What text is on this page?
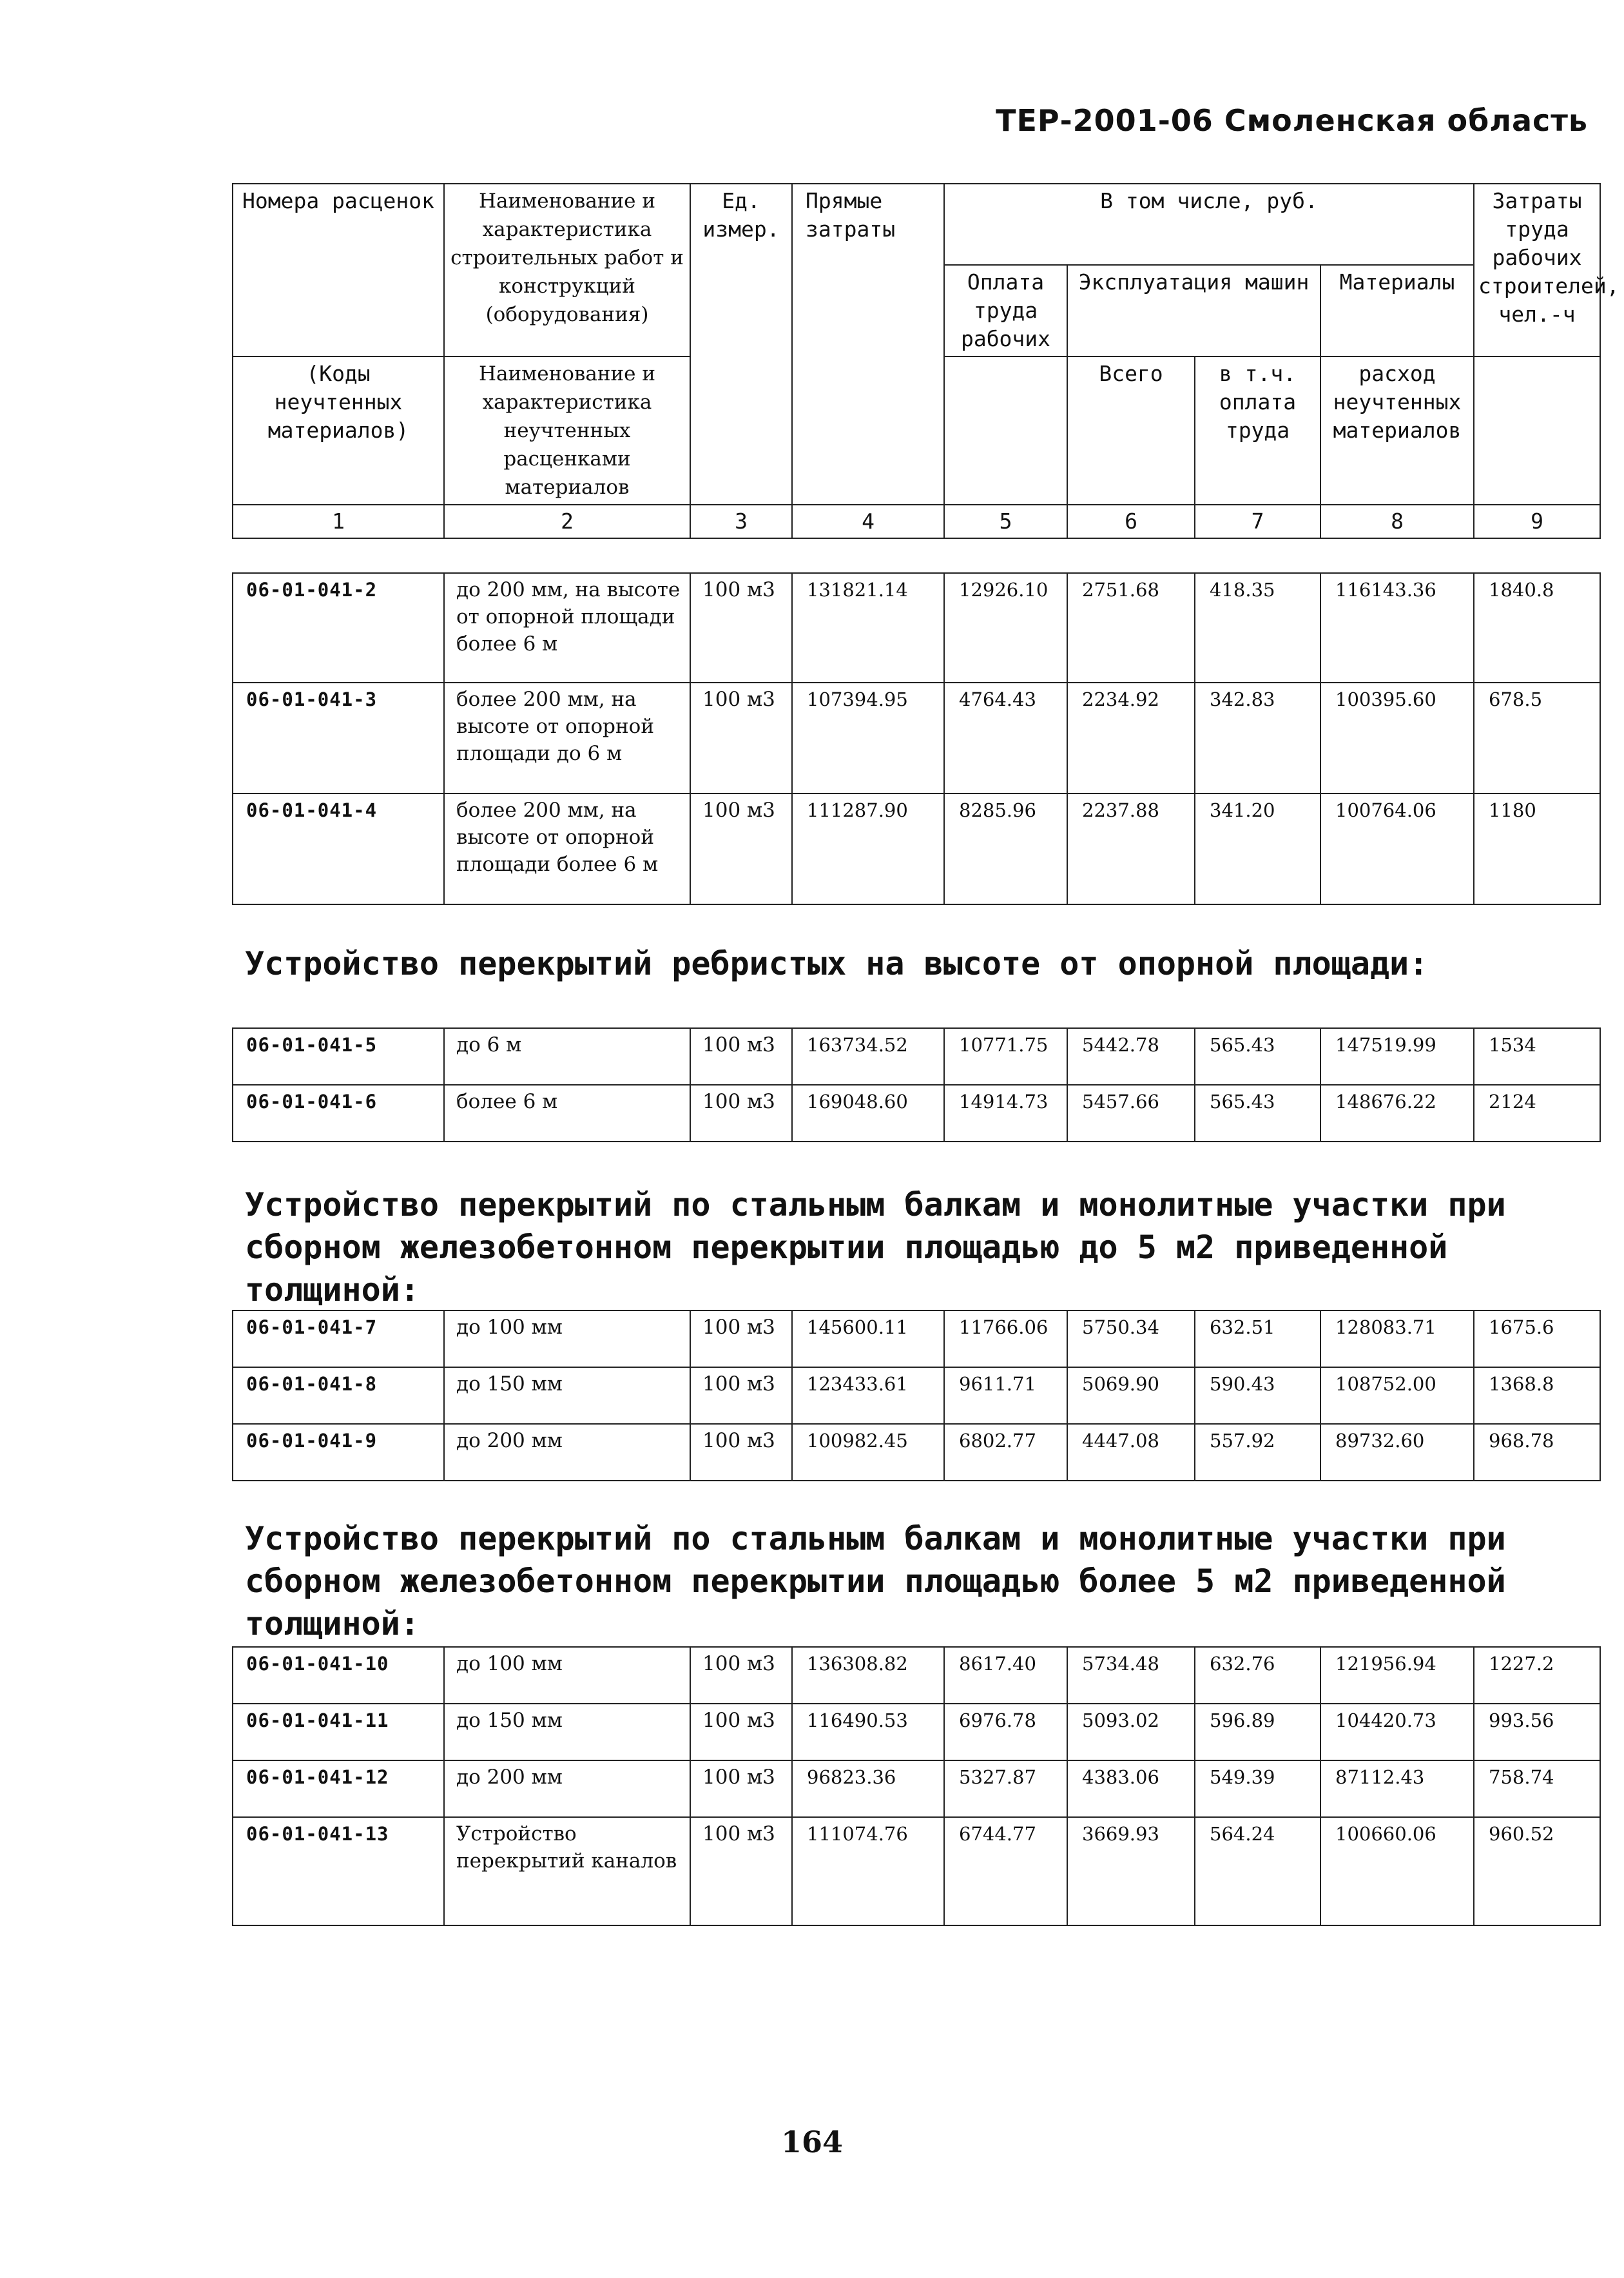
ТЕР-2001-06 Смоленская область
Номера расценок	Наименование и характеристика строительных работ и конструкций (оборудования)	Ед. измер.	Прямые затраты	В том числе, руб.				Затраты труда рабочих строителей, чел.-ч
				Оплата труда рабочих	Эксплуатация машин		Материалы	
(Коды неучтенных материалов)	Наименование и характеристика неучтенных расценками материалов				Всего	в т.ч. оплата труда	расход неучтенных материалов	
1	2	3	4	5	6	7	8	9
06-01-041-2	до 200 мм, на высоте от опорной площади более 6 м	100 м3	131821.14	12926.10	2751.68	418.35	116143.36	1840.8
06-01-041-3	более 200 мм, на высоте от опорной площади до 6 м	100 м3	107394.95	4764.43	2234.92	342.83	100395.60	678.5
06-01-041-4	более 200 мм, на высоте от опорной площади более 6 м	100 м3	111287.90	8285.96	2237.88	341.20	100764.06	1180
Устройство перекрытий ребристых на высоте от опорной площади:
06-01-041-5	до 6 м	100 м3	163734.52	10771.75	5442.78	565.43	147519.99	1534
06-01-041-6	более 6 м	100 м3	169048.60	14914.73	5457.66	565.43	148676.22	2124
Устройство перекрытий по стальным балкам и монолитные участки при сборном железобетонном перекрытии площадью до 5 м2 приведенной толщиной:
06-01-041-7	до 100 мм	100 м3	145600.11	11766.06	5750.34	632.51	128083.71	1675.6
06-01-041-8	до 150 мм	100 м3	123433.61	9611.71	5069.90	590.43	108752.00	1368.8
06-01-041-9	до 200 мм	100 м3	100982.45	6802.77	4447.08	557.92	89732.60	968.78
Устройство перекрытий по стальным балкам и монолитные участки при сборном железобетонном перекрытии площадью более 5 м2 приведенной толщиной:
06-01-041-10	до 100 мм	100 м3	136308.82	8617.40	5734.48	632.76	121956.94	1227.2
06-01-041-11	до 150 мм	100 м3	116490.53	6976.78	5093.02	596.89	104420.73	993.56
06-01-041-12	до 200 мм	100 м3	96823.36	5327.87	4383.06	549.39	87112.43	758.74
06-01-041-13	Устройство перекрытий каналов	100 м3	111074.76	6744.77	3669.93	564.24	100660.06	960.52
164
